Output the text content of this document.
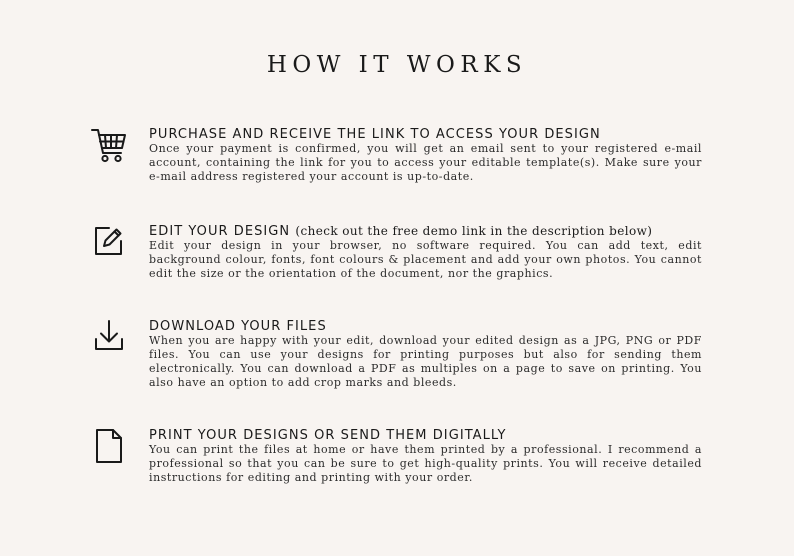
HOW IT WORKS
PURCHASE AND RECEIVE THE LINK TO ACCESS YOUR DESIGN
Once your payment is confirmed, you will get an email sent to your registered e-mail account, containing the link for you to access your editable template(s). Make sure your e-mail address registered your account is up-to-date.
EDIT YOUR DESIGN (check out the free demo link in the description below)
Edit your design in your browser, no software required. You can add text, edit background colour, fonts, font colours & placement and add your own photos. You cannot edit the size or the orientation of the document, nor the graphics.
DOWNLOAD YOUR FILES
When you are happy with your edit, download your edited design as a JPG, PNG or PDF files. You can use your designs for printing purposes but also for sending them electronically. You can download a PDF as multiples on a page to save on printing. You also have an option to add crop marks and bleeds.
PRINT YOUR DESIGNS OR SEND THEM DIGITALLY
You can print the files at home or have them printed by a professional. I recommend a professional so that you can be sure to get high-quality prints. You will receive detailed instructions for editing and printing with your order.
